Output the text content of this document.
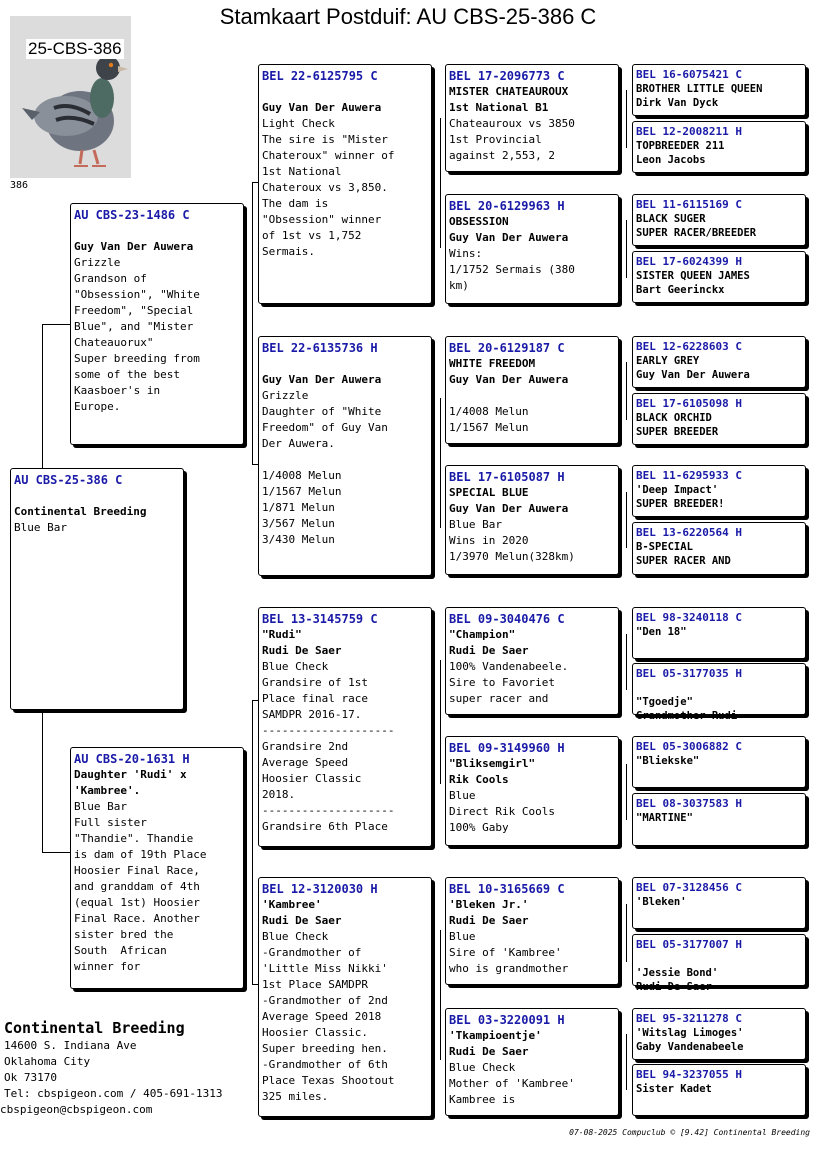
Stamkaart Postduif: AU CBS-25-386 C
25-CBS-386
386
AU CBS-25-386 C

Continental Breeding
Blue Bar
AU CBS-23-1486 C

Guy Van Der Auwera
Grizzle
Grandson of
"Obsession", "White
Freedom", "Special
Blue", and "Mister
Chateauorux"
Super breeding from
some of the best
Kaasboer's in
Europe.
AU CBS-20-1631 H
Daughter 'Rudi' x
'Kambree'.
Blue Bar
Full sister
"Thandie". Thandie
is dam of 19th Place
Hoosier Final Race,
and granddam of 4th
(equal 1st) Hoosier
Final Race. Another
sister bred the
South  African
winner for
BEL 22-6125795 C

Guy Van Der Auwera
Light Check
The sire is "Mister
Chateroux" winner of
1st National
Chateroux vs 3,850.
The dam is
"Obsession" winner
of 1st vs 1,752
Sermais.
BEL 22-6135736 H

Guy Van Der Auwera
Grizzle
Daughter of "White
Freedom" of Guy Van
Der Auwera.

1/4008 Melun
1/1567 Melun
1/871 Melun
3/567 Melun
3/430 Melun
BEL 13-3145759 C
"Rudi"
Rudi De Saer
Blue Check
Grandsire of 1st
Place final race
SAMDPR 2016-17.
--------------------
Grandsire 2nd
Average Speed
Hoosier Classic
2018.
--------------------
Grandsire 6th Place
BEL 12-3120030 H
'Kambree'
Rudi De Saer
Blue Check
-Grandmother of
'Little Miss Nikki'
1st Place SAMDPR
-Grandmother of 2nd
Average Speed 2018
Hoosier Classic.
Super breeding hen.
-Grandmother of 6th
Place Texas Shootout
325 miles.
BEL 17-2096773 C
MISTER CHATEAUROUX
1st National B1
Chateauroux vs 3850
1st Provincial
against 2,553, 2
BEL 20-6129963 H
OBSESSION
Guy Van Der Auwera
Wins:
1/1752 Sermais (380
km)
BEL 20-6129187 C
WHITE FREEDOM
Guy Van Der Auwera

1/4008 Melun
1/1567 Melun
BEL 17-6105087 H
SPECIAL BLUE
Guy Van Der Auwera
Blue Bar
Wins in 2020
1/3970 Melun(328km)
BEL 09-3040476 C
"Champion"
Rudi De Saer
100% Vandenabeele.
Sire to Favoriet
super racer and
BEL 09-3149960 H
"Bliksemgirl"
Rik Cools
Blue
Direct Rik Cools
100% Gaby
BEL 10-3165669 C
'Bleken Jr.'
Rudi De Saer
Blue
Sire of 'Kambree'
who is grandmother
BEL 03-3220091 H
'Tkampioentje'
Rudi De Saer
Blue Check
Mother of 'Kambree'
Kambree is
BEL 16-6075421 C
BROTHER LITTLE QUEEN
Dirk Van Dyck
BEL 12-2008211 H
TOPBREEDER 211
Leon Jacobs
BEL 11-6115169 C
BLACK SUGER
SUPER RACER/BREEDER
BEL 17-6024399 H
SISTER QUEEN JAMES
Bart Geerinckx
BEL 12-6228603 C
EARLY GREY
Guy Van Der Auwera
BEL 17-6105098 H
BLACK ORCHID
SUPER BREEDER
BEL 11-6295933 C
'Deep Impact'
SUPER BREEDER!
BEL 13-6220564 H
B-SPECIAL
SUPER RACER AND
BEL 98-3240118 C
"Den 18"
BEL 05-3177035 H

"Tgoedje"
Grandmother Rudi
BEL 05-3006882 C
"Bliekske"
BEL 08-3037583 H
"MARTINE"
BEL 07-3128456 C
'Bleken'
BEL 05-3177007 H

'Jessie Bond'
Rudi De Saer
BEL 95-3211278 C
'Witslag Limoges'
Gaby Vandenabeele
BEL 94-3237055 H
Sister Kadet
Continental Breeding
14600 S. Indiana Ave
Oklahoma City
Ok 73170
Tel: cbspigeon.com / 405-691-1313
cbspigeon@cbspigeon.com
07-08-2025 Compuclub © [9.42] Continental Breeding
